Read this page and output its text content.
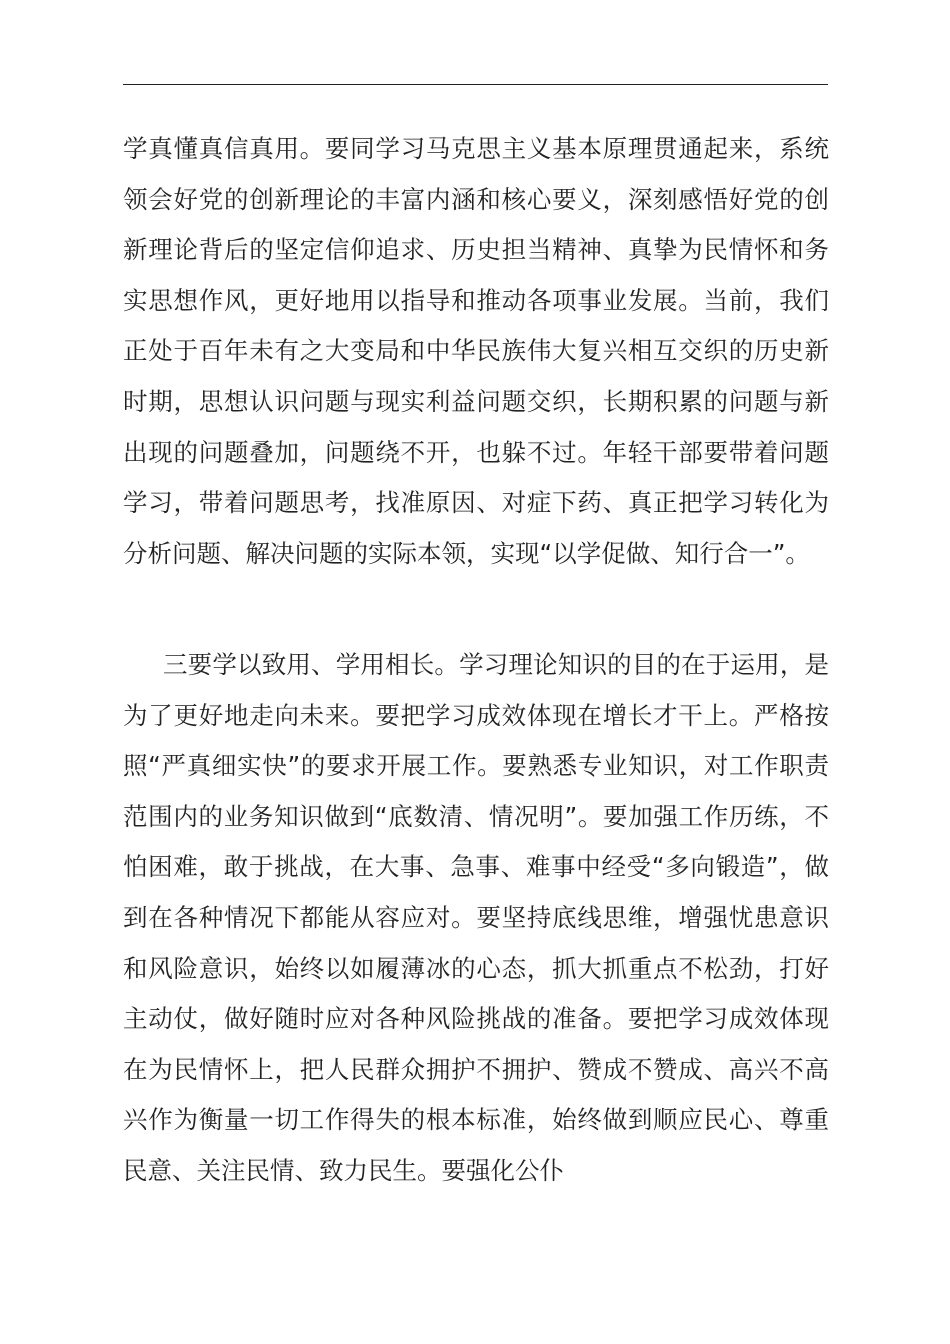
学真懂真信真用。要同学习马克思主义基本原理贯通起来，系统领会好党的创新理论的丰富内涵和核心要义，深刻感悟好党的创新理论背后的坚定信仰追求、历史担当精神、真挚为民情怀和务实思想作风，更好地用以指导和推动各项事业发展。当前，我们正处于百年未有之大变局和中华民族伟大复兴相互交织的历史新时期，思想认识问题与现实利益问题交织，长期积累的问题与新出现的问题叠加，问题绕不开，也躲不过。年轻干部要带着问题学习，带着问题思考，找准原因、对症下药、真正把学习转化为分析问题、解决问题的实际本领，实现“以学促做、知行合一”。

三要学以致用、学用相长。学习理论知识的目的在于运用，是为了更好地走向未来。要把学习成效体现在增长才干上。严格按照“严真细实快”的要求开展工作。要熟悉专业知识，对工作职责范围内的业务知识做到“底数清、情况明”。要加强工作历练，不怕困难，敢于挑战，在大事、急事、难事中经受“多向锻造”，做到在各种情况下都能从容应对。要坚持底线思维，增强忧患意识和风险意识，始终以如履薄冰的心态，抓大抓重点不松劲，打好主动仗，做好随时应对各种风险挑战的准备。要把学习成效体现在为民情怀上，把人民群众拥护不拥护、赞成不赞成、高兴不高兴作为衡量一切工作得失的根本标准，始终做到顺应民心、尊重民意、关注民情、致力民生。要强化公仆
